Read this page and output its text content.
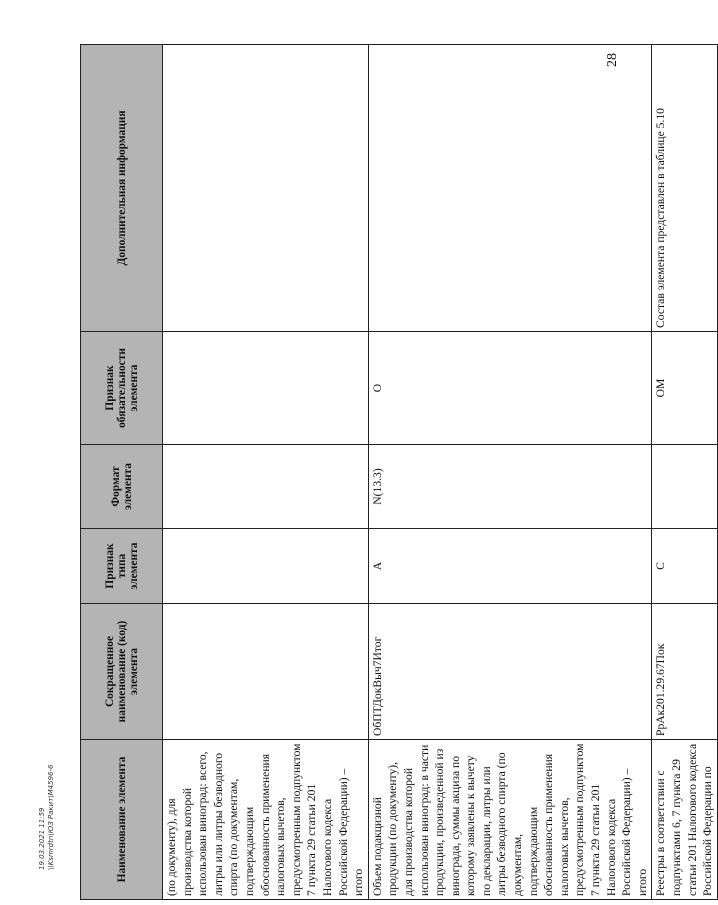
28
Наименование элемента	Сокращенное наименование (код) элемента	Признак типа элемента	Формат элемента	Признак обязательности элемента	Дополнительная информация
(по документу), для производства которой использован виноград: всего, литры или литры безводного спирта (по документам, подтверждающим обоснованность применения налоговых вычетов, предусмотренным подпунктом 7 пункта 29 статьи 201 Налогового кодекса Российской Федерации) – итого					
Объем подакцизной продукции (по документу), для производства которой использован виноград: в части продукции, произведенной из винограда, суммы акциза по которому заявлены к вычету по декларации, литры или литры безводного спирта (по документам, подтверждающим обоснованность применения налоговых вычетов, предусмотренным подпунктом 7 пункта 29 статьи 201 Налогового кодекса Российской Федерации) – итого	ОбПТДокВыч7Итог	А	N(13.3)	О	
Реестры в соответствии с подпунктами 6, 7 пункта 29 статьи 201 Налогового кодекса Российской Федерации по	РрАк201.29.67Пок	С		ОМ	Состав элемента представлен в таблице 5.10
19.03.2021 11:59 \\Ksmrdtn\ЮЗ Ракит\М4596-6
